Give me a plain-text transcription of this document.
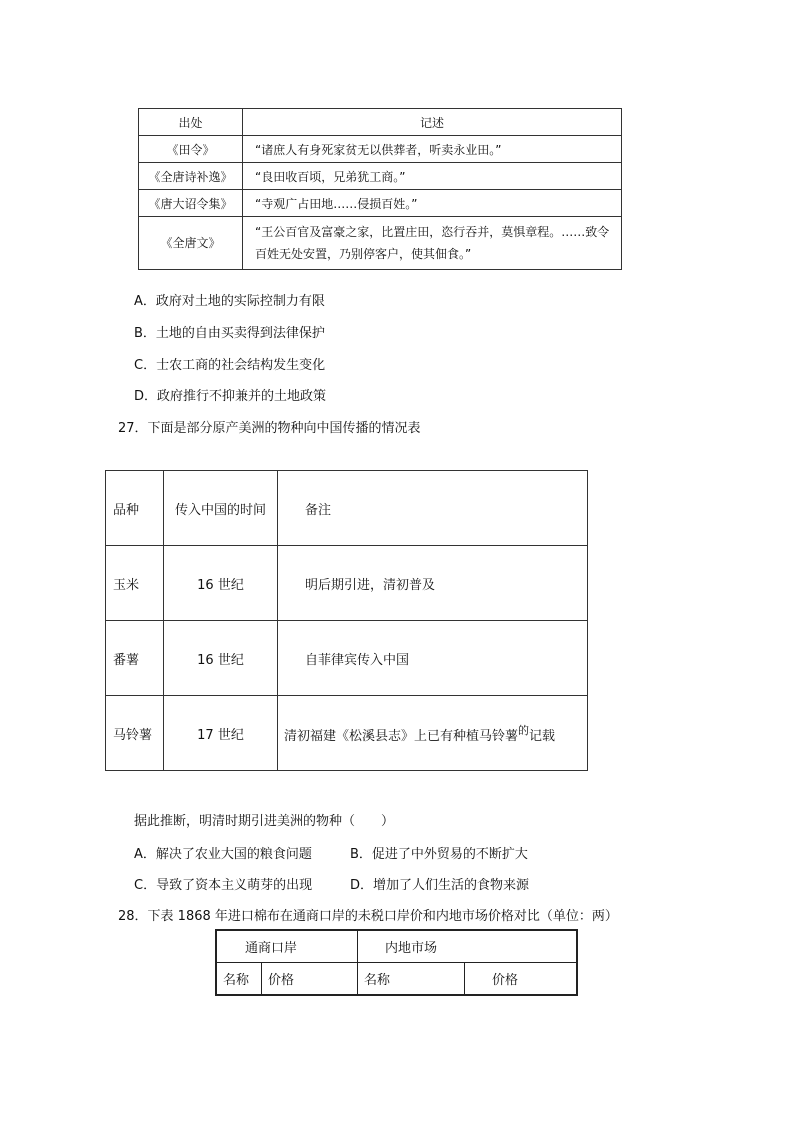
出处	记述
《田令》	“诸庶人有身死家贫无以供葬者，听卖永业田。”
《全唐诗补逸》	“良田收百顷，兄弟犹工商。”
《唐大诏令集》	“寺观广占田地……侵损百姓。”
《全唐文》	“王公百官及富豪之家，比置庄田，恣行吞并，莫惧章程。……致令百姓无处安置，乃别停客户，使其佃食。”
A．政府对土地的实际控制力有限
B．土地的自由买卖得到法律保护
C．士农工商的社会结构发生变化
D．政府推行不抑兼并的土地政策
27．下面是部分原产美洲的物种向中国传播的情况表
品种	传入中国的时间	备注
玉米	16 世纪	明后期引进，清初普及
番薯	16 世纪	自菲律宾传入中国
马铃薯	17 世纪	清初福建《松溪县志》上已有种植马铃薯$^的$记载
据此推断，明清时期引进美洲的物种（　　）
A．解决了农业大国的粮食问题	B．促进了中外贸易的不断扩大
C．导致了资本主义萌芽的出现	D．增加了人们生活的食物来源
28．下表 1868 年进口棉布在通商口岸的未税口岸价和内地市场价格对比（单位：两）
通商口岸		内地市场	
名称	价格	名称	价格
